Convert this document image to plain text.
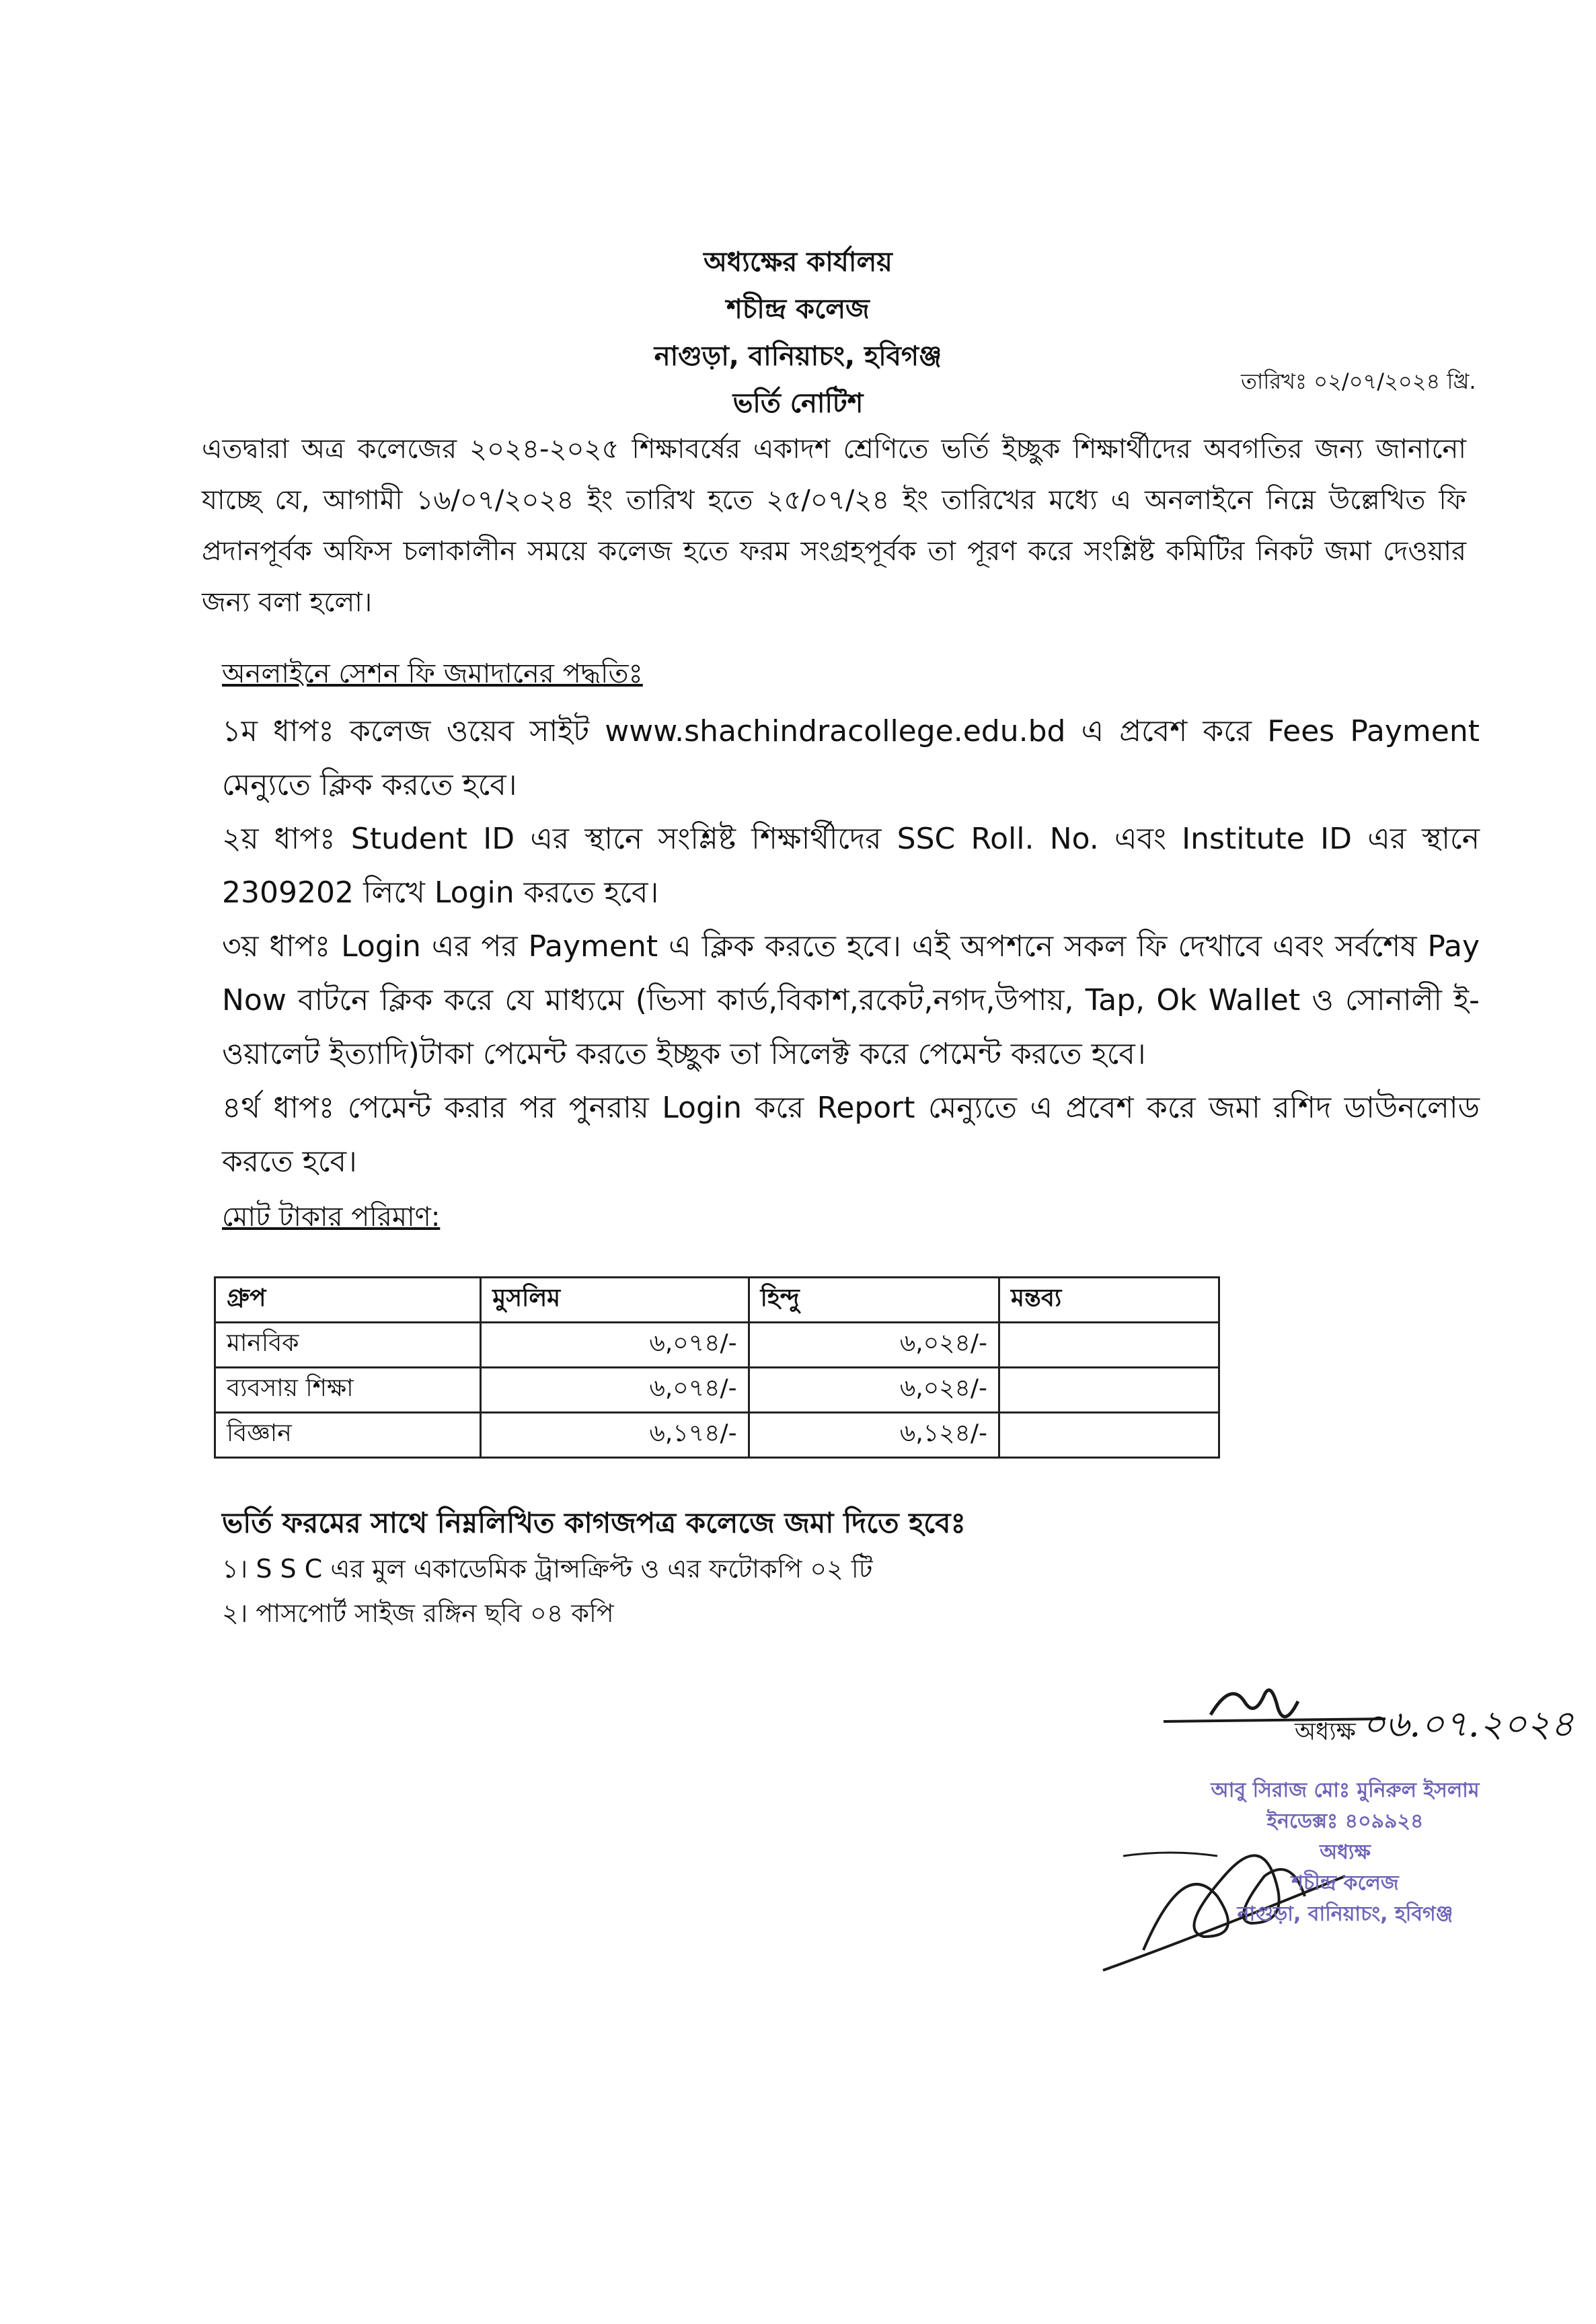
অধ্যক্ষের কার্যালয়
শচীন্দ্র কলেজ
নাগুড়া, বানিয়াচং, হবিগঞ্জ
তারিখঃ ০২/০৭/২০২৪ খ্রি.
ভর্তি নোটিশ
এতদ্বারা অত্র কলেজের ২০২৪-২০২৫ শিক্ষাবর্ষের একাদশ শ্রেণিতে ভর্তি ইচ্ছুক শিক্ষার্থীদের অবগতির জন্য জানানো যাচ্ছে যে, আগামী ১৬/০৭/২০২৪ ইং তারিখ হতে ২৫/০৭/২৪ ইং তারিখের মধ্যে এ অনলাইনে নিম্নে উল্লেখিত ফি প্রদানপূর্বক অফিস চলাকালীন সময়ে কলেজ হতে ফরম সংগ্রহপূর্বক তা পূরণ করে সংশ্লিষ্ট কমিটির নিকট জমা দেওয়ার জন্য বলা হলো।
অনলাইনে সেশন ফি জমাদানের পদ্ধতিঃ

১ম ধাপঃ কলেজ ওয়েব সাইট www.shachindracollege.edu.bd এ প্রবেশ করে Fees Payment মেন্যুতে ক্লিক করতে হবে।

২য় ধাপঃ Student ID এর স্থানে সংশ্লিষ্ট শিক্ষার্থীদের SSC Roll. No. এবং Institute ID এর স্থানে 2309202 লিখে Login করতে হবে।

৩য় ধাপঃ Login এর পর Payment এ ক্লিক করতে হবে। এই অপশনে সকল ফি দেখাবে এবং সর্বশেষ Pay Now বাটনে ক্লিক করে যে মাধ্যমে (ভিসা কার্ড,বিকাশ,রকেট,নগদ,উপায়, Tap, Ok Wallet ও সোনালী ই-ওয়ালেট ইত্যাদি)টাকা পেমেন্ট করতে ইচ্ছুক তা সিলেক্ট করে পেমেন্ট করতে হবে।

৪র্থ ধাপঃ পেমেন্ট করার পর পুনরায় Login করে Report মেন্যুতে এ প্রবেশ করে জমা রশিদ ডাউনলোড করতে হবে।

মোট টাকার পরিমাণ:
গ্রুপ	মুসলিম	হিন্দু	মন্তব্য
মানবিক	৬,০৭৪/-	৬,০২৪/-	
ব্যবসায় শিক্ষা	৬,০৭৪/-	৬,০২৪/-	
বিজ্ঞান	৬,১৭৪/-	৬,১২৪/-	
ভর্তি ফরমের সাথে নিম্নলিখিত কাগজপত্র কলেজে জমা দিতে হবেঃ
১। S S C এর মুল একাডেমিক ট্রান্সক্রিপ্ট ও এর ফটোকপি ০২ টি
২। পাসপোর্ট সাইজ রঙ্গিন ছবি ০৪ কপি
অধ্যক্ষ ০৬.০৭.২০২৪
আবু সিরাজ মোঃ মুনিরুল ইসলাম
ইনডেক্সঃ ৪০৯৯২৪
অধ্যক্ষ
শচীন্দ্র কলেজ
নাগুড়া, বানিয়াচং, হবিগঞ্জ
